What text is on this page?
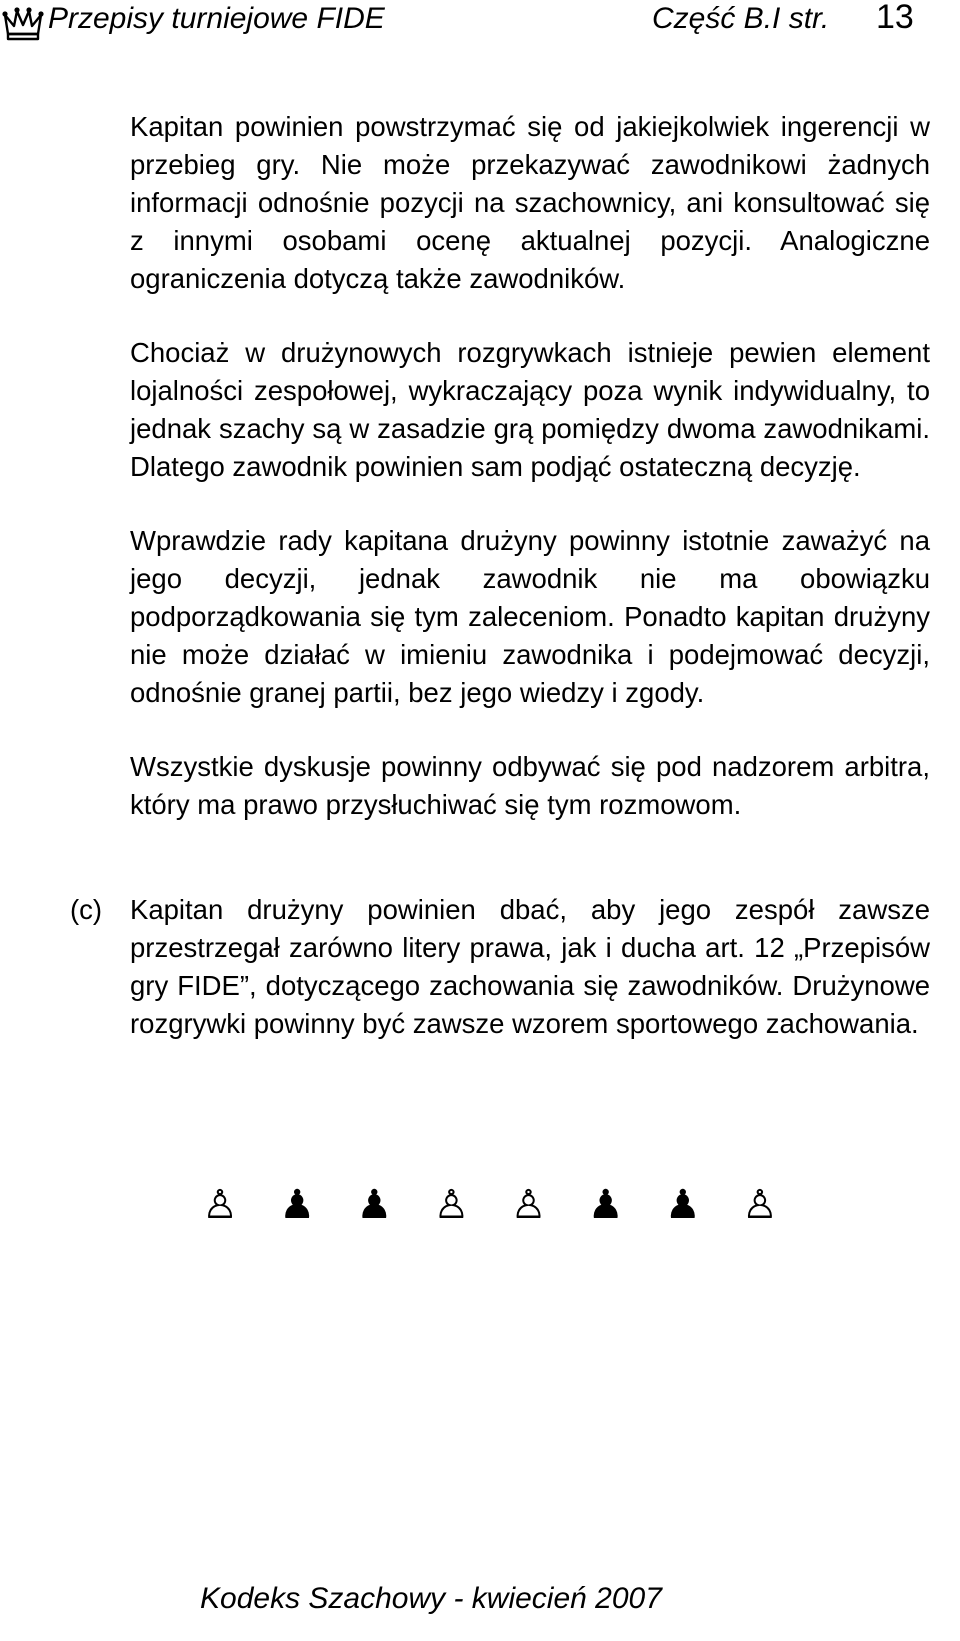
Przepisy turniejowe FIDE	Część B.I str. 13

Kapitan powinien powstrzymać się od jakiejkolwiek ingerencji w przebieg gry. Nie może przekazywać zawodnikowi żadnych informacji odnośnie pozycji na szachownicy, ani konsultować się z innymi osobami ocenę aktualnej pozycji. Analogiczne ograniczenia dotyczą także zawodników.

Chociaż w drużynowych rozgrywkach istnieje pewien element lojalności zespołowej, wykraczający poza wynik indywidualny, to jednak szachy są w zasadzie grą pomiędzy dwoma zawodnikami. Dlatego zawodnik powinien sam podjąć ostateczną decyzję.

Wprawdzie rady kapitana drużyny powinny istotnie zaważyć na jego decyzji, jednak zawodnik nie ma obowiązku podporządkowania się tym zaleceniom. Ponadto kapitan drużyny nie może działać w imieniu zawodnika i podejmować decyzji, odnośnie granej partii, bez jego wiedzy i zgody.

Wszystkie dyskusje powinny odbywać się pod nadzorem arbitra, który ma prawo przysłuchiwać się tym rozmowom.

(c) Kapitan drużyny powinien dbać, aby jego zespół zawsze przestrzegał zarówno litery prawa, jak i ducha art. 12 „Przepisów gry FIDE”, dotyczącego zachowania się zawodników. Drużynowe rozgrywki powinny być zawsze wzorem sportowego zachowania.

♙ ♟ ♟ ♙ ♙ ♟ ♟ ♙
Kodeks Szachowy - kwiecień 2007
